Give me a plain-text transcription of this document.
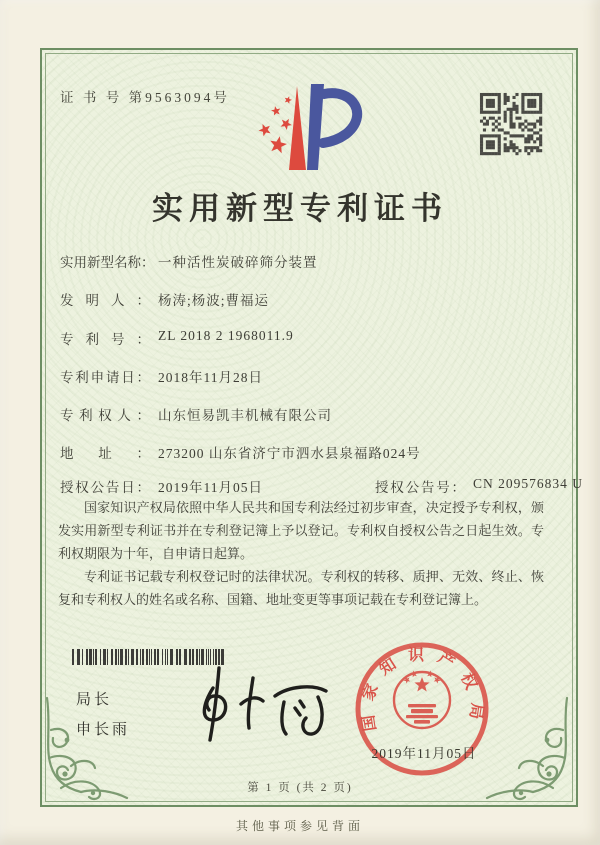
证 书 号 第9563094号
实用新型专利证书
实用新型名称： 一种活性炭破碎筛分装置
发明人： 杨涛;杨波;曹福运
专利号： ZL 2018 2 1968011.9
专利申请日： 2018年11月28日
专利权人： 山东恒易凯丰机械有限公司
地址： 273200 山东省济宁市泗水县泉福路024号
授权公告日： 2019年11月05日	授权公告号： CN 209576834 U

国家知识产权局依照中华人民共和国专利法经过初步审查，决定授予专利权，颁发实用新型专利证书并在专利登记簿上予以登记。专利权自授权公告之日起生效。专利权期限为十年，自申请日起算。

专利证书记载专利权登记时的法律状况。专利权的转移、质押、无效、终止、恢复和专利权人的姓名或名称、国籍、地址变更等事项记载在专利登记簿上。

局长
申长雨	国家知识产权局
2019年11月05日
第 1 页 (共 2 页)
其他事项参见背面
